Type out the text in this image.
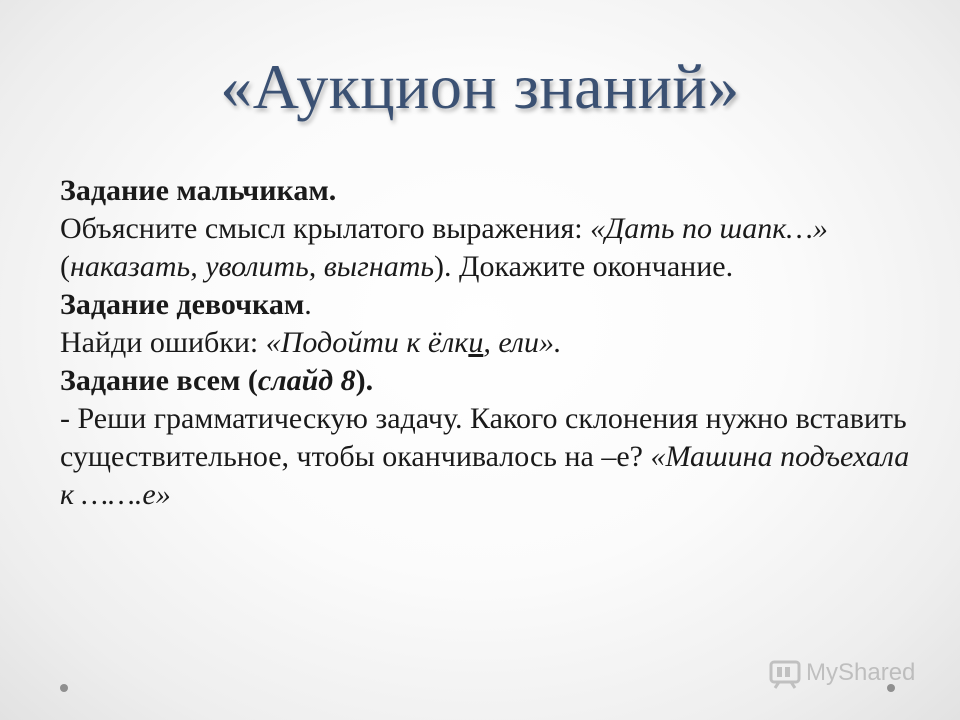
«Аукцион знаний»

Задание мальчикам.
Объясните смысл крылатого выражения: «Дать по шапк…» (наказать, уволить, выгнать). Докажите окончание.

Задание девочкам.
Найди ошибки: «Подойти к ёлки, ели».

Задание всем (слайд 8).
- Реши грамматическую задачу. Какого склонения нужно вставить существительное, чтобы оканчивалось на –е? «Машина подъехала к …….е»

MyShared
